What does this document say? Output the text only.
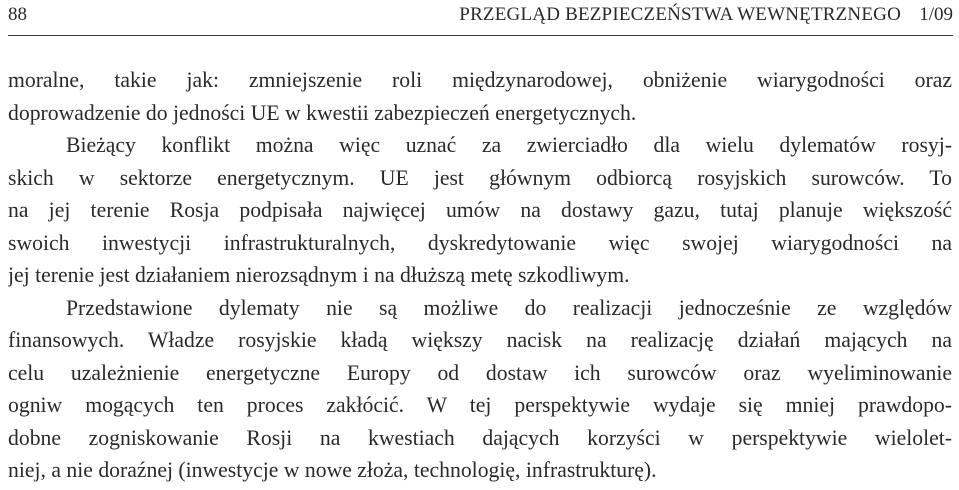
88	PRZEGLĄD BEZPIECZEŃSTWA WEWNĘTRZNEGO 1/09
moralne, takie jak: zmniejszenie roli międzynarodowej, obniżenie wiarygodności oraz
doprowadzenie do jedności UE w kwestii zabezpieczeń energetycznych.
Bieżący konflikt można więc uznać za zwierciadło dla wielu dylematów rosyj-
skich w sektorze energetycznym. UE jest głównym odbiorcą rosyjskich surowców. To
na jej terenie Rosja podpisała najwięcej umów na dostawy gazu, tutaj planuje większość
swoich inwestycji infrastrukturalnych, dyskredytowanie więc swojej wiarygodności na
jej terenie jest działaniem nierozsądnym i na dłuższą metę szkodliwym.
Przedstawione dylematy nie są możliwe do realizacji jednocześnie ze względów
finansowych. Władze rosyjskie kładą większy nacisk na realizację działań mających na
celu uzależnienie energetyczne Europy od dostaw ich surowców oraz wyeliminowanie
ogniw mogących ten proces zakłócić. W tej perspektywie wydaje się mniej prawdopo-
dobne zogniskowanie Rosji na kwestiach dających korzyści w perspektywie wielolet-
niej, a nie doraźnej (inwestycje w nowe złoża, technologię, infrastrukturę).
